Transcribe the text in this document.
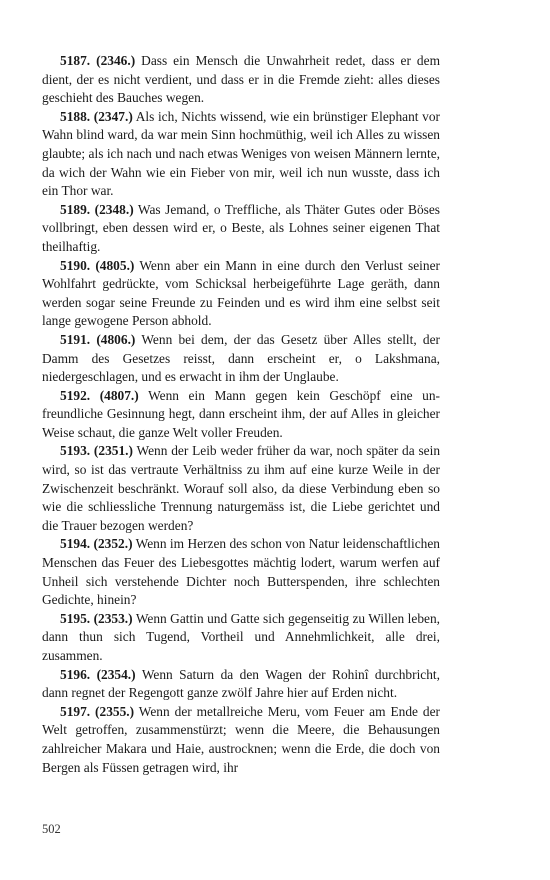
5187. (2346.) Dass ein Mensch die Unwahrheit redet, dass er dem dient, der es nicht verdient, und dass er in die Fremde zieht: alles dieses geschieht des Bauches wegen.

5188. (2347.) Als ich, Nichts wissend, wie ein brünstiger Elephant vor Wahn blind ward, da war mein Sinn hochmüthig, weil ich Alles zu wissen glaubte; als ich nach und nach etwas Weniges von weisen Männern lernte, da wich der Wahn wie ein Fieber von mir, weil ich nun wusste, dass ich ein Thor war.

5189. (2348.) Was Jemand, o Treffliche, als Thäter Gutes oder Böses vollbringt, eben dessen wird er, o Beste, als Lohnes seiner eigenen That theilhaftig.

5190. (4805.) Wenn aber ein Mann in eine durch den Verlust seiner Wohlfahrt gedrückte, vom Schicksal herbeigeführte Lage geräth, dann werden sogar seine Freunde zu Feinden und es wird ihm eine selbst seit lange gewogene Person abhold.

5191. (4806.) Wenn bei dem, der das Gesetz über Alles stellt, der Damm des Gesetzes reisst, dann erscheint er, o Lakshmana, niedergeschlagen, und es erwacht in ihm der Unglaube.

5192. (4807.) Wenn ein Mann gegen kein Geschöpf eine unfreundliche Gesinnung hegt, dann erscheint ihm, der auf Alles in gleicher Weise schaut, die ganze Welt voller Freuden.

5193. (2351.) Wenn der Leib weder früher da war, noch später da sein wird, so ist das vertraute Verhältniss zu ihm auf eine kurze Weile in der Zwischenzeit beschränkt. Worauf soll also, da diese Verbindung eben so wie die schliessliche Trennung naturgemäss ist, die Liebe gerichtet und die Trauer bezogen werden?

5194. (2352.) Wenn im Herzen des schon von Natur leidenschaftlichen Menschen das Feuer des Liebesgottes mächtig lodert, warum werfen auf Unheil sich verstehende Dichter noch Butterspenden, ihre schlechten Gedichte, hinein?

5195. (2353.) Wenn Gattin und Gatte sich gegenseitig zu Willen leben, dann thun sich Tugend, Vortheil und Annehmlichkeit, alle drei, zusammen.

5196. (2354.) Wenn Saturn da den Wagen der Rohinî durchbricht, dann regnet der Regengott ganze zwölf Jahre hier auf Erden nicht.

5197. (2355.) Wenn der metallreiche Meru, vom Feuer am Ende der Welt getroffen, zusammenstürzt; wenn die Meere, die Behausungen zahlreicher Makara und Haie, austrocknen; wenn die Erde, die doch von Bergen als Füssen getragen wird, ihr

502
